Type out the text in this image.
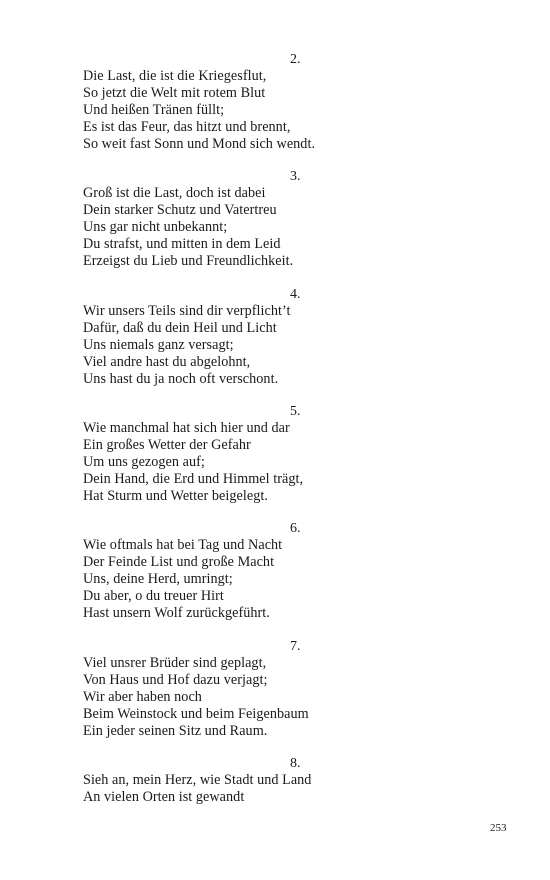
2.
Die Last, die ist die Kriegesflut,
So jetzt die Welt mit rotem Blut
Und heißen Tränen füllt;
Es ist das Feur, das hitzt und brennt,
So weit fast Sonn und Mond sich wendt.
3.
Groß ist die Last, doch ist dabei
Dein starker Schutz und Vatertreu
Uns gar nicht unbekannt;
Du strafst, und mitten in dem Leid
Erzeigst du Lieb und Freundlichkeit.
4.
Wir unsers Teils sind dir verpflicht’t
Dafür, daß du dein Heil und Licht
Uns niemals ganz versagt;
Viel andre hast du abgelohnt,
Uns hast du ja noch oft verschont.
5.
Wie manchmal hat sich hier und dar
Ein großes Wetter der Gefahr
Um uns gezogen auf;
Dein Hand, die Erd und Himmel trägt,
Hat Sturm und Wetter beigelegt.
6.
Wie oftmals hat bei Tag und Nacht
Der Feinde List und große Macht
Uns, deine Herd, umringt;
Du aber, o du treuer Hirt
Hast unsern Wolf zurückgeführt.
7.
Viel unsrer Brüder sind geplagt,
Von Haus und Hof dazu verjagt;
Wir aber haben noch
Beim Weinstock und beim Feigenbaum
Ein jeder seinen Sitz und Raum.
8.
Sieh an, mein Herz, wie Stadt und Land
An vielen Orten ist gewandt
253
